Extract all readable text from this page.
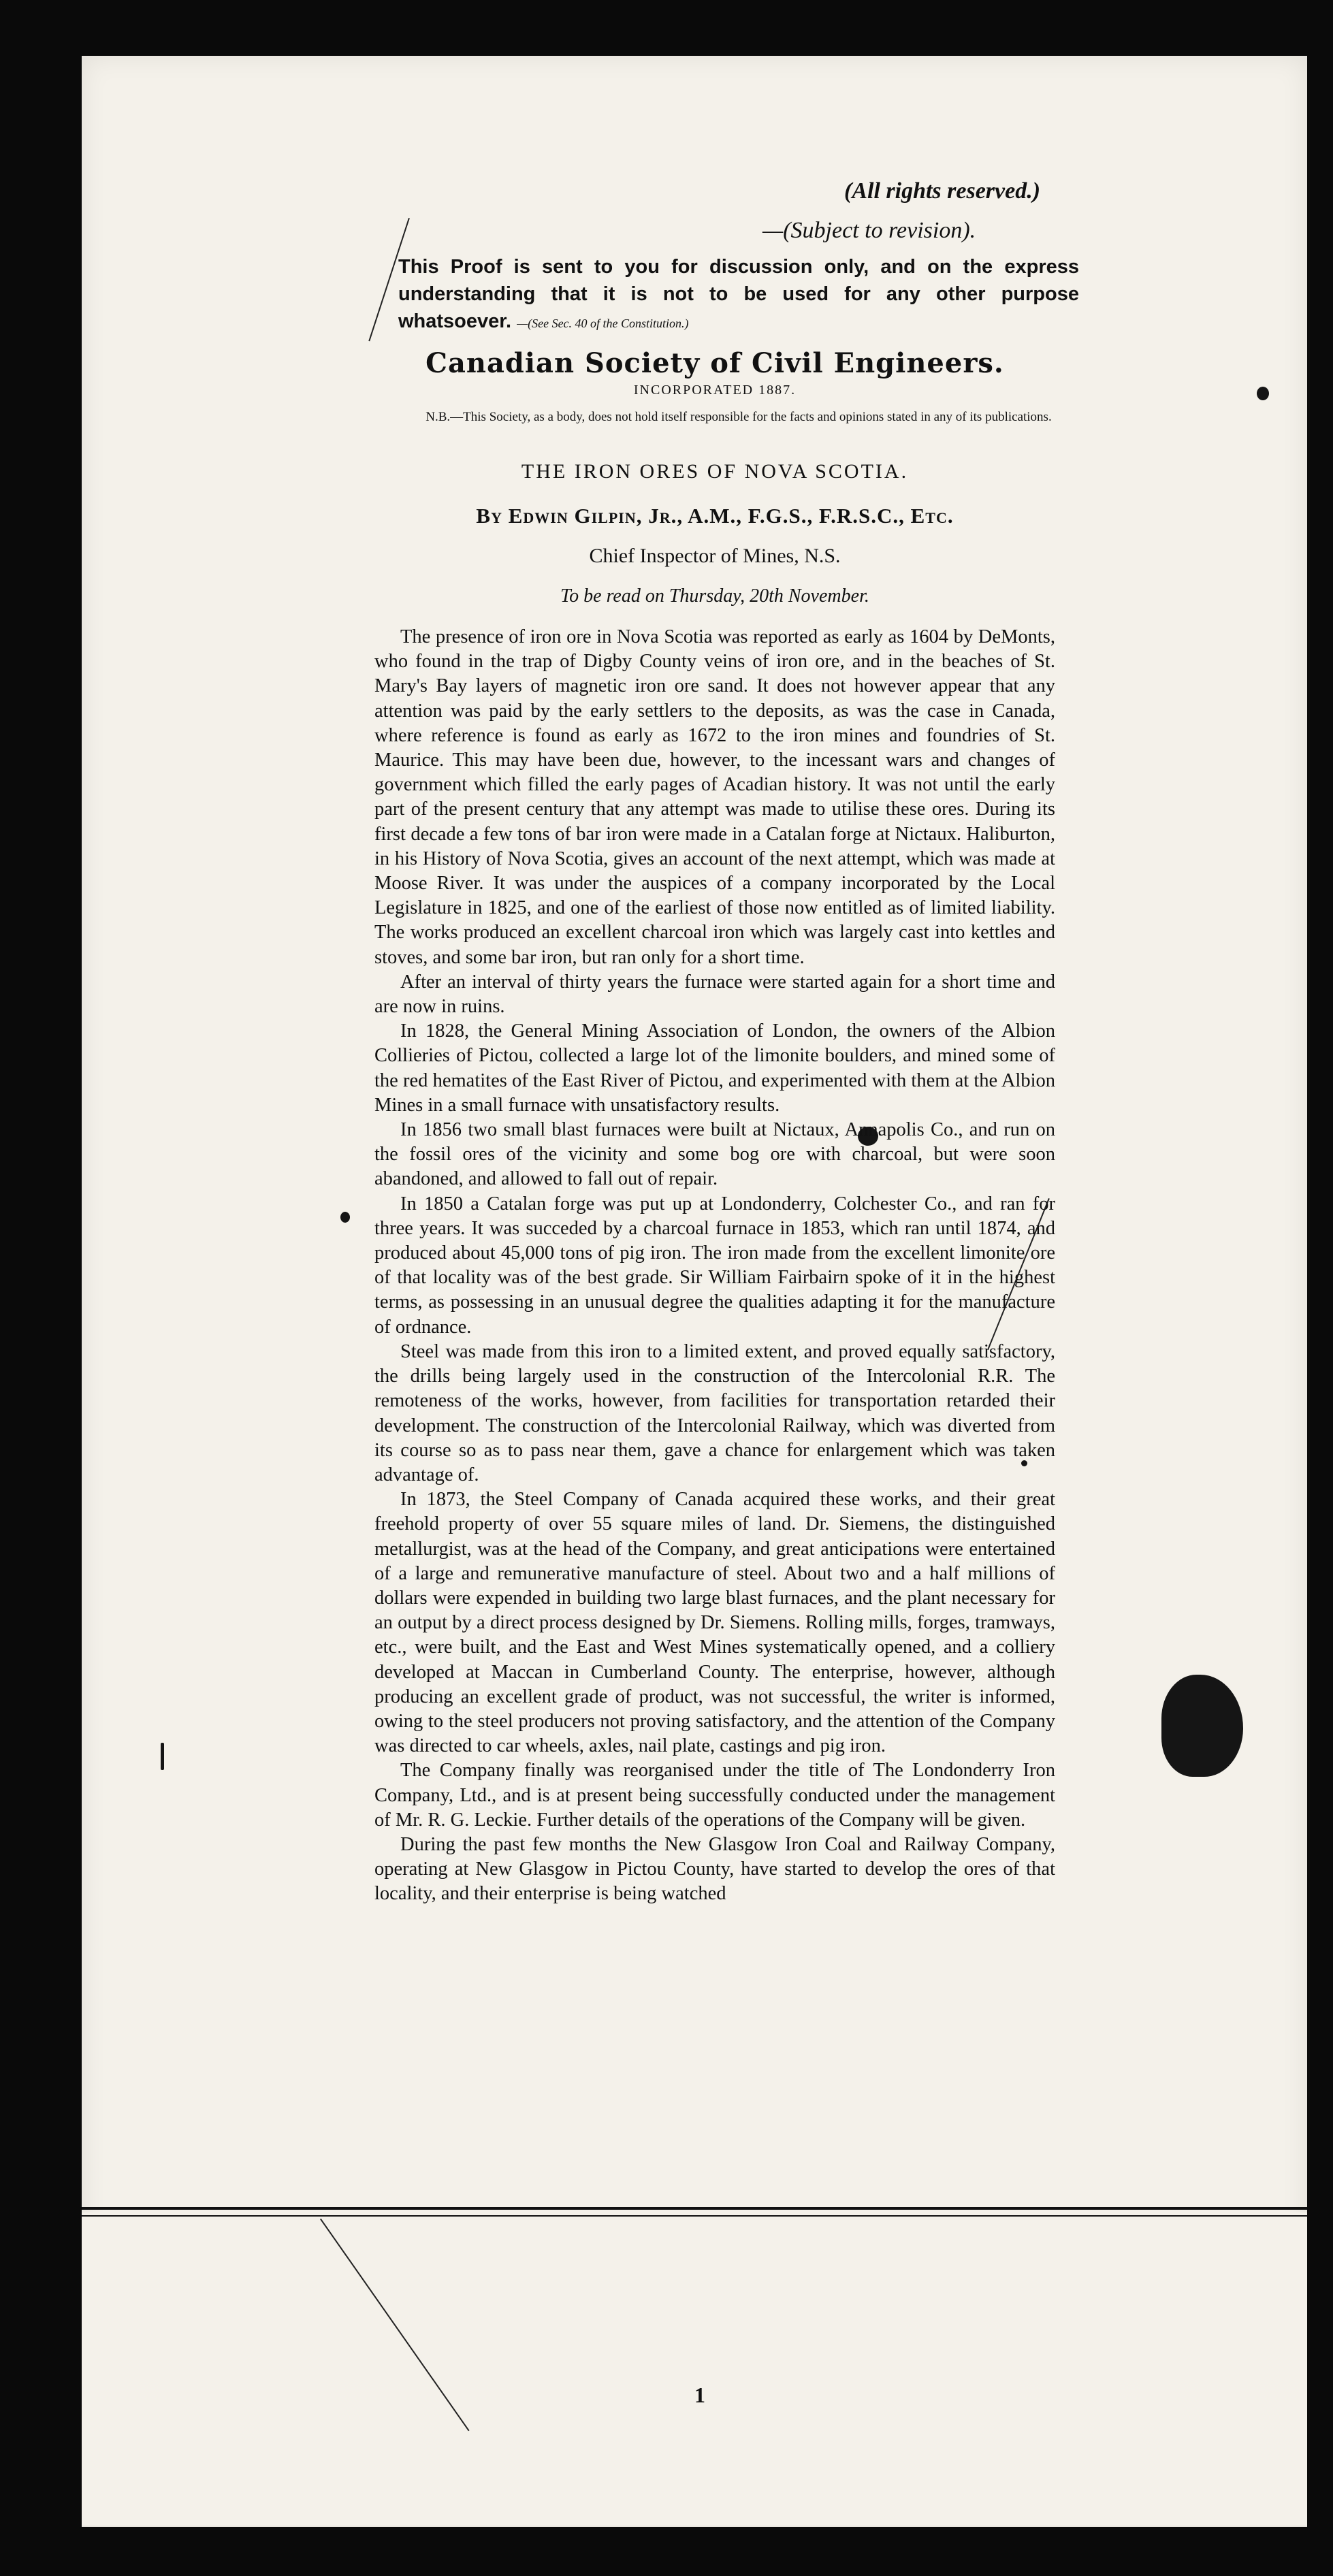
(All rights reserved.)
—(Subject to revision).
This Proof is sent to you for discussion only, and on the express understanding that it is not to be used for any other purpose whatsoever. —(See Sec. 40 of the Constitution.)
Canadian Society of Civil Engineers.
INCORPORATED 1887.
N.B.—This Society, as a body, does not hold itself responsible for the facts and opinions stated in any of its publications.
THE IRON ORES OF NOVA SCOTIA.
By Edwin Gilpin, Jr., A.M., F.G.S., F.R.S.C., Etc.
Chief Inspector of Mines, N.S.
To be read on Thursday, 20th November.

The presence of iron ore in Nova Scotia was reported as early as 1604 by DeMonts, who found in the trap of Digby County veins of iron ore, and in the beaches of St. Mary's Bay layers of magnetic iron ore sand. It does not however appear that any attention was paid by the early settlers to the deposits, as was the case in Canada, where reference is found as early as 1672 to the iron mines and foundries of St. Maurice. This may have been due, however, to the incessant wars and changes of government which filled the early pages of Acadian history. It was not until the early part of the present century that any attempt was made to utilise these ores. During its first decade a few tons of bar iron were made in a Catalan forge at Nictaux. Haliburton, in his History of Nova Scotia, gives an account of the next attempt, which was made at Moose River. It was under the auspices of a company incorporated by the Local Legislature in 1825, and one of the earliest of those now entitled as of limited liability. The works produced an excellent charcoal iron which was largely cast into kettles and stoves, and some bar iron, but ran only for a short time.

After an interval of thirty years the furnace were started again for a short time and are now in ruins.

In 1828, the General Mining Association of London, the owners of the Albion Collieries of Pictou, collected a large lot of the limonite boulders, and mined some of the red hematites of the East River of Pictou, and experimented with them at the Albion Mines in a small furnace with unsatisfactory results.

In 1856 two small blast furnaces were built at Nictaux, Annapolis Co., and run on the fossil ores of the vicinity and some bog ore with charcoal, but were soon abandoned, and allowed to fall out of repair.

In 1850 a Catalan forge was put up at Londonderry, Colchester Co., and ran for three years. It was succeded by a charcoal furnace in 1853, which ran until 1874, and produced about 45,000 tons of pig iron. The iron made from the excellent limonite ore of that locality was of the best grade. Sir William Fairbairn spoke of it in the highest terms, as possessing in an unusual degree the qualities adapting it for the manufacture of ordnance.

Steel was made from this iron to a limited extent, and proved equally satisfactory, the drills being largely used in the construction of the Intercolonial R.R. The remoteness of the works, however, from facilities for transportation retarded their development. The construction of the Intercolonial Railway, which was diverted from its course so as to pass near them, gave a chance for enlargement which was taken advantage of.

In 1873, the Steel Company of Canada acquired these works, and their great freehold property of over 55 square miles of land. Dr. Siemens, the distinguished metallurgist, was at the head of the Company, and great anticipations were entertained of a large and remunerative manufacture of steel. About two and a half millions of dollars were expended in building two large blast furnaces, and the plant necessary for an output by a direct process designed by Dr. Siemens. Rolling mills, forges, tramways, etc., were built, and the East and West Mines systematically opened, and a colliery developed at Maccan in Cumberland County. The enterprise, however, although producing an excellent grade of product, was not successful, the writer is informed, owing to the steel producers not proving satisfactory, and the attention of the Company was directed to car wheels, axles, nail plate, castings and pig iron.

The Company finally was reorganised under the title of The Londonderry Iron Company, Ltd., and is at present being successfully conducted under the management of Mr. R. G. Leckie. Further details of the operations of the Company will be given.

During the past few months the New Glasgow Iron Coal and Railway Company, operating at New Glasgow in Pictou County, have started to develop the ores of that locality, and their enterprise is being watched

1
